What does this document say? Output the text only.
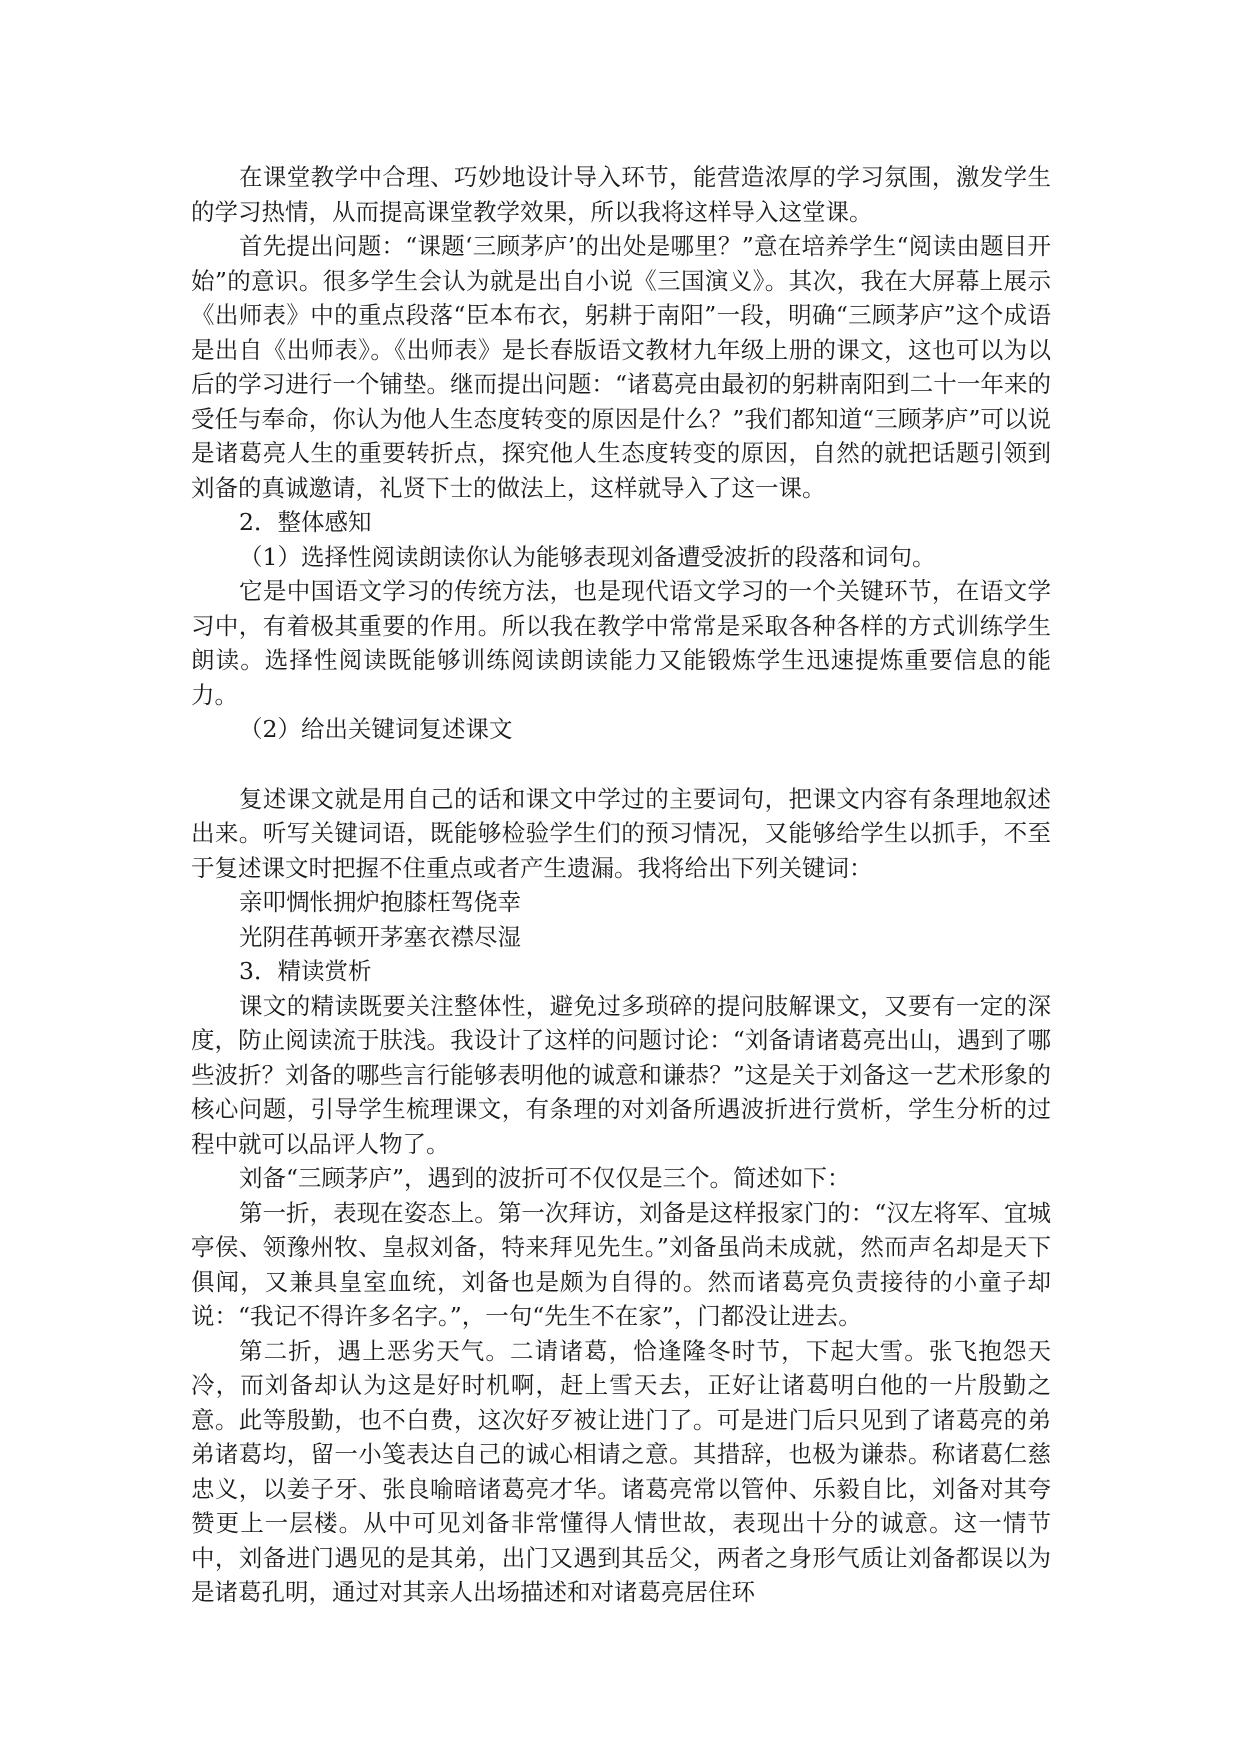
在课堂教学中合理、巧妙地设计导入环节，能营造浓厚的学习氛围，激发学生的学习热情，从而提高课堂教学效果，所以我将这样导入这堂课。

首先提出问题：“课题‘三顾茅庐’的出处是哪里？”意在培养学生“阅读由题目开始”的意识。很多学生会认为就是出自小说《三国演义》。其次，我在大屏幕上展示《出师表》中的重点段落“臣本布衣，躬耕于南阳”一段，明确“三顾茅庐”这个成语是出自《出师表》。《出师表》是长春版语文教材九年级上册的课文，这也可以为以后的学习进行一个铺垫。继而提出问题：“诸葛亮由最初的躬耕南阳到二十一年来的受任与奉命，你认为他人生态度转变的原因是什么？”我们都知道“三顾茅庐”可以说是诸葛亮人生的重要转折点，探究他人生态度转变的原因，自然的就把话题引领到刘备的真诚邀请，礼贤下士的做法上，这样就导入了这一课。

2．整体感知

（1）选择性阅读朗读你认为能够表现刘备遭受波折的段落和词句。

它是中国语文学习的传统方法，也是现代语文学习的一个关键环节，在语文学习中，有着极其重要的作用。所以我在教学中常常是采取各种各样的方式训练学生朗读。选择性阅读既能够训练阅读朗读能力又能锻炼学生迅速提炼重要信息的能力。

（2）给出关键词复述课文

复述课文就是用自己的话和课文中学过的主要词句，把课文内容有条理地叙述出来。听写关键词语，既能够检验学生们的预习情况，又能够给学生以抓手，不至于复述课文时把握不住重点或者产生遗漏。我将给出下列关键词：

亲叩惆怅拥炉抱膝枉驾侥幸

光阴荏苒顿开茅塞衣襟尽湿

3．精读赏析

课文的精读既要关注整体性，避免过多琐碎的提问肢解课文，又要有一定的深度，防止阅读流于肤浅。我设计了这样的问题讨论：“刘备请诸葛亮出山，遇到了哪些波折？刘备的哪些言行能够表明他的诚意和谦恭？”这是关于刘备这一艺术形象的核心问题，引导学生梳理课文，有条理的对刘备所遇波折进行赏析，学生分析的过程中就可以品评人物了。

刘备“三顾茅庐”，遇到的波折可不仅仅是三个。简述如下：

第一折，表现在姿态上。第一次拜访，刘备是这样报家门的：“汉左将军、宜城亭侯、领豫州牧、皇叔刘备，特来拜见先生。”刘备虽尚未成就，然而声名却是天下俱闻，又兼具皇室血统，刘备也是颇为自得的。然而诸葛亮负责接待的小童子却说：“我记不得许多名字。”，一句“先生不在家”，门都没让进去。

第二折，遇上恶劣天气。二请诸葛，恰逢隆冬时节，下起大雪。张飞抱怨天冷，而刘备却认为这是好时机啊，赶上雪天去，正好让诸葛明白他的一片殷勤之意。此等殷勤，也不白费，这次好歹被让进门了。可是进门后只见到了诸葛亮的弟弟诸葛均，留一小笺表达自己的诚心相请之意。其措辞，也极为谦恭。称诸葛仁慈忠义，以姜子牙、张良喻暗诸葛亮才华。诸葛亮常以管仲、乐毅自比，刘备对其夸赞更上一层楼。从中可见刘备非常懂得人情世故，表现出十分的诚意。这一情节中，刘备进门遇见的是其弟，出门又遇到其岳父，两者之身形气质让刘备都误以为是诸葛孔明，通过对其亲人出场描述和对诸葛亮居住环
